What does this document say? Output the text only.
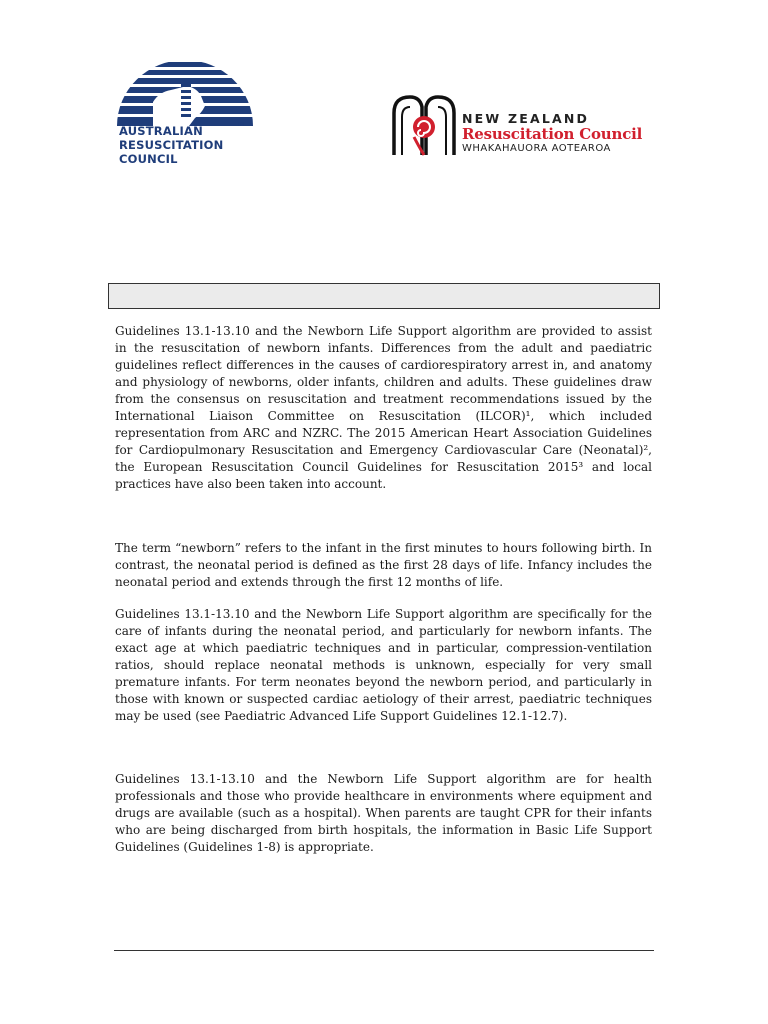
AUSTRALIAN
RESUSCITATION
COUNCIL
TM	NEW ZEALAND
Resuscitation Council
WHAKAHAUORA AOTEAROA

Guidelines 13.1-13.10 and the Newborn Life Support algorithm are provided to assist in the resuscitation of newborn infants. Differences from the adult and paediatric guidelines reflect differences in the causes of cardiorespiratory arrest in, and anatomy and physiology of newborns, older infants, children and adults. These guidelines draw from the consensus on resuscitation and treatment recommendations issued by the International Liaison Committee on Resuscitation (ILCOR)¹, which included representation from ARC and NZRC. The 2015 American Heart Association Guidelines for Cardiopulmonary Resuscitation and Emergency Cardiovascular Care (Neonatal)², the European Resuscitation Council Guidelines for Resuscitation 2015³ and local practices have also been taken into account.

The term “newborn” refers to the infant in the first minutes to hours following birth. In contrast, the neonatal period is defined as the first 28 days of life. Infancy includes the neonatal period and extends through the first 12 months of life.

Guidelines 13.1-13.10 and the Newborn Life Support algorithm are specifically for the care of infants during the neonatal period, and particularly for newborn infants. The exact age at which paediatric techniques and in particular, compression-ventilation ratios, should replace neonatal methods is unknown, especially for very small premature infants. For term neonates beyond the newborn period, and particularly in those with known or suspected cardiac aetiology of their arrest, paediatric techniques may be used (see Paediatric Advanced Life Support Guidelines 12.1-12.7).

Guidelines 13.1-13.10 and the Newborn Life Support algorithm are for health professionals and those who provide healthcare in environments where equipment and drugs are available (such as a hospital). When parents are taught CPR for their infants who are being discharged from birth hospitals, the information in Basic Life Support Guidelines (Guidelines 1-8) is appropriate.
